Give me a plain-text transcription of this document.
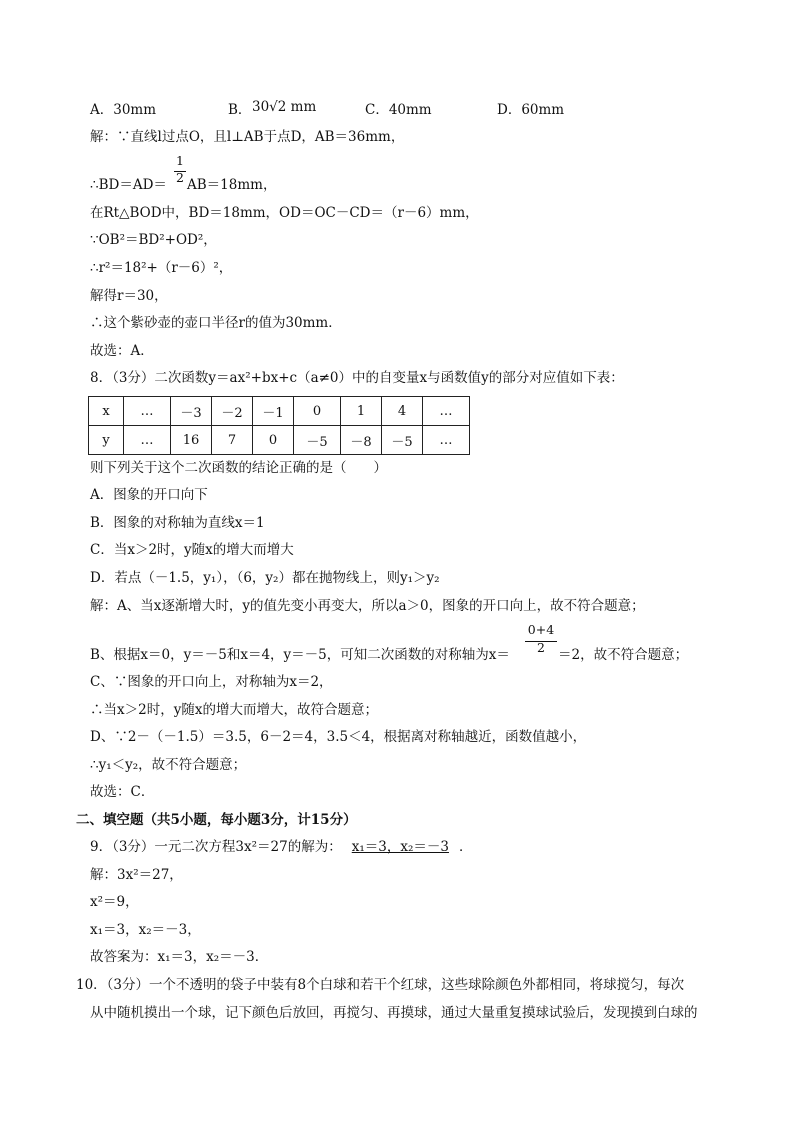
A．30mm	B． 30√2 mm	C．40mm	D．60mm
解：∵直线l过点O，且l⊥AB于点D，AB＝36mm，
1
∴BD＝AD＝ 2 AB＝18mm，
在Rt△BOD中，BD＝18mm，OD＝OC－CD＝（r－6）mm，
∵OB²＝BD²+OD²，
∴r²＝18²+（r－6）²，
解得r＝30，
∴这个紫砂壶的壶口半径r的值为30mm．
故选：A．
8．（3分）二次函数y＝ax²+bx+c（a≠0）中的自变量x与函数值y的部分对应值如下表：
x	…	－3	－2	－1	0	1	4	…
y	…	16	7	0	－5	－8	－5	…
则下列关于这个二次函数的结论正确的是（　　）
A．图象的开口向下
B．图象的对称轴为直线x＝1
C．当x＞2时，y随x的增大而增大
D．若点（－1.5，y₁），（6，y₂）都在抛物线上，则y₁＞y₂
解：A、当x逐渐增大时，y的值先变小再变大，所以a＞0，图象的开口向上，故不符合题意；
B、根据x＝0，y＝－5和x＝4，y＝－5，可知二次函数的对称轴为x＝
0+4
2 ＝2，故不符合题意；
C、∵图象的开口向上，对称轴为x＝2，
∴当x＞2时，y随x的增大而增大，故符合题意；
D、∵2－（－1.5）＝3.5，6－2＝4，3.5＜4，根据离对称轴越近，函数值越小，
∴y₁＜y₂，故不符合题意；
故选：C．
二、填空题（共5小题，每小题3分，计15分）
9．（3分）一元二次方程3x²＝27的解为： x₁＝3，x₂＝－3 ．
解：3x²＝27，
x²＝9，
x₁＝3，x₂＝－3，
故答案为：x₁＝3，x₂＝－3．
10．（3分）一个不透明的袋子中装有8个白球和若干个红球，这些球除颜色外都相同，将球搅匀，每次
从中随机摸出一个球，记下颜色后放回，再搅匀、再摸球，通过大量重复摸球试验后，发现摸到白球的
